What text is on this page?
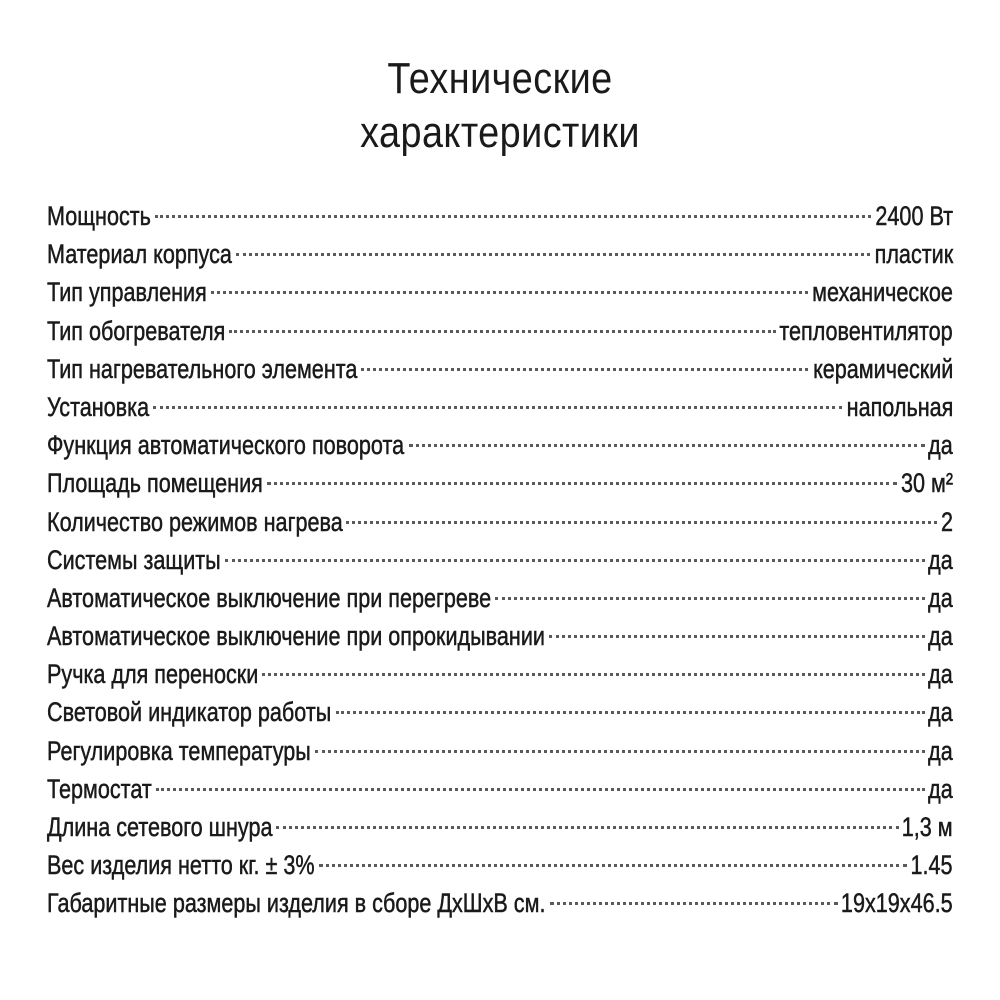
Технические
характеристики
Мощность	2400 Вт
Материал корпуса	пластик
Тип управления	механическое
Тип обогревателя	тепловентилятор
Тип нагревательного элемента	керамический
Установка	напольная
Функция автоматического поворота	да
Площадь помещения	30 м²
Количество режимов нагрева	2
Системы защиты	да
Автоматическое выключение при перегреве	да
Автоматическое выключение при опрокидывании	да
Ручка для переноски	да
Световой индикатор работы	да
Регулировка температуры	да
Термостат	да
Длина сетевого шнура	1,3 м
Вес изделия нетто кг. ± 3%	1.45
Габаритные размеры изделия в сборе ДхШхВ см.	19x19x46.5
